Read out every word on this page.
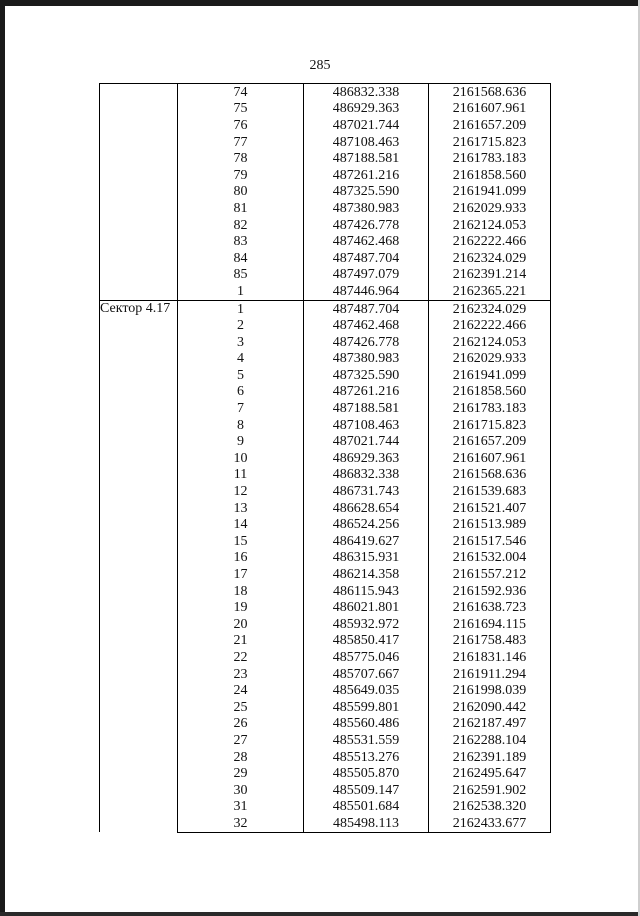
285
	74	486832.338	2161568.636
	75	486929.363	2161607.961
	76	487021.744	2161657.209
	77	487108.463	2161715.823
	78	487188.581	2161783.183
	79	487261.216	2161858.560
	80	487325.590	2161941.099
	81	487380.983	2162029.933
	82	487426.778	2162124.053
	83	487462.468	2162222.466
	84	487487.704	2162324.029
	85	487497.079	2162391.214
	1	487446.964	2162365.221
Сектор 4.17	1	487487.704	2162324.029
	2	487462.468	2162222.466
	3	487426.778	2162124.053
	4	487380.983	2162029.933
	5	487325.590	2161941.099
	6	487261.216	2161858.560
	7	487188.581	2161783.183
	8	487108.463	2161715.823
	9	487021.744	2161657.209
	10	486929.363	2161607.961
	11	486832.338	2161568.636
	12	486731.743	2161539.683
	13	486628.654	2161521.407
	14	486524.256	2161513.989
	15	486419.627	2161517.546
	16	486315.931	2161532.004
	17	486214.358	2161557.212
	18	486115.943	2161592.936
	19	486021.801	2161638.723
	20	485932.972	2161694.115
	21	485850.417	2161758.483
	22	485775.046	2161831.146
	23	485707.667	2161911.294
	24	485649.035	2161998.039
	25	485599.801	2162090.442
	26	485560.486	2162187.497
	27	485531.559	2162288.104
	28	485513.276	2162391.189
	29	485505.870	2162495.647
	30	485509.147	2162591.902
	31	485501.684	2162538.320
	32	485498.113	2162433.677
